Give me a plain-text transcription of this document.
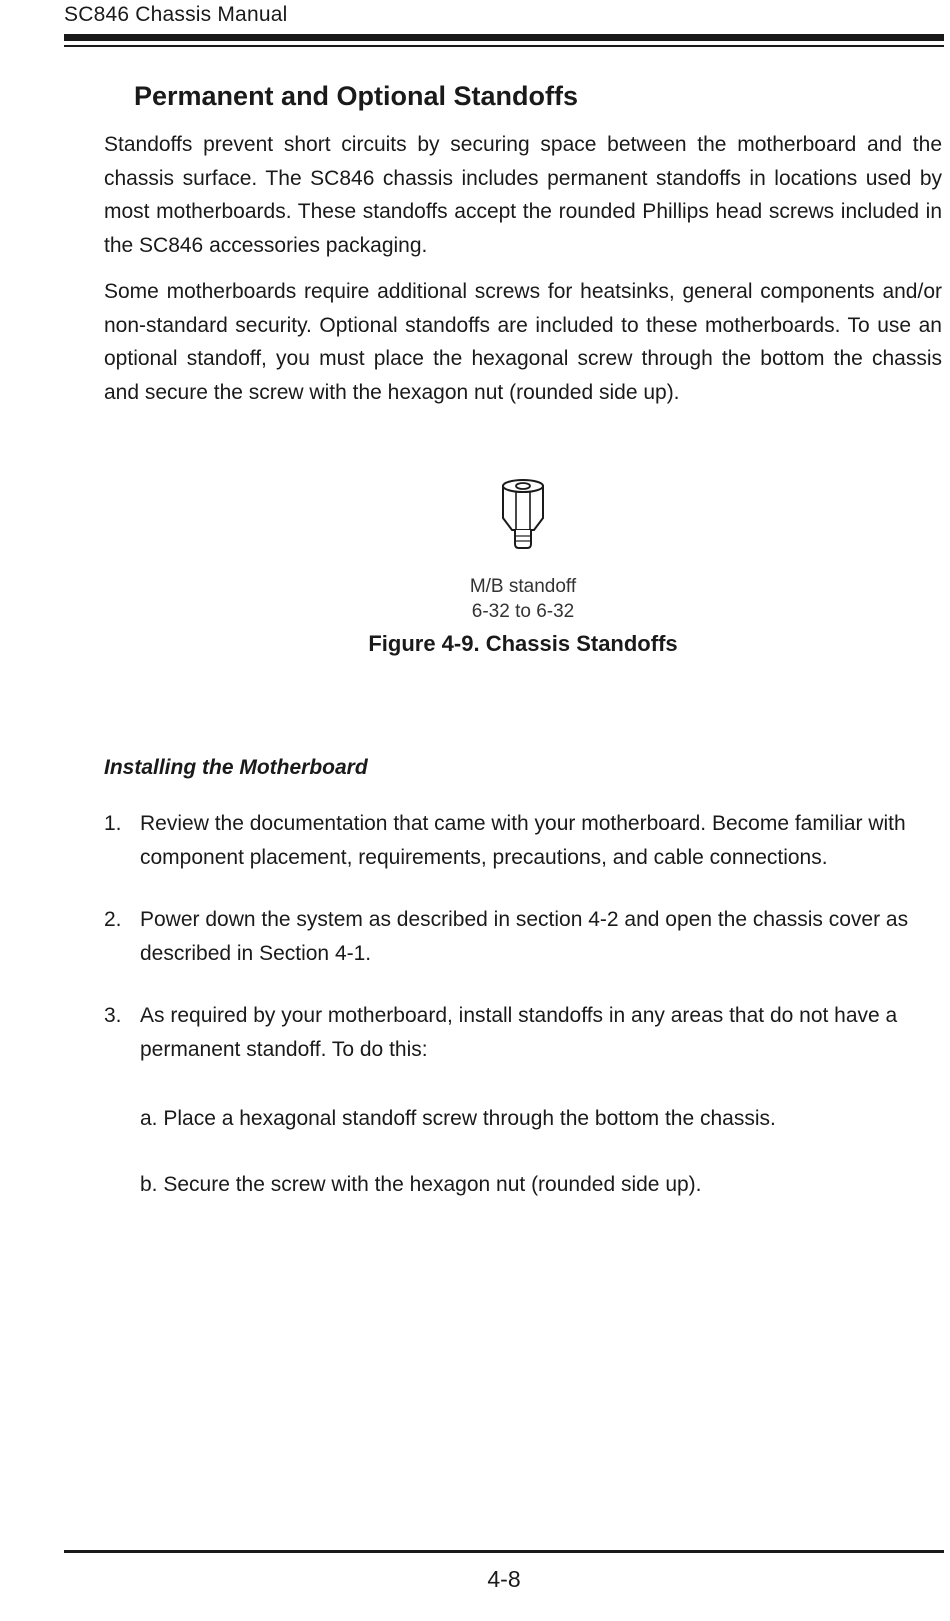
SC846 Chassis Manual
Permanent and Optional Standoffs

Standoffs prevent short circuits by securing space between the motherboard and the chassis surface. The SC846 chassis includes permanent standoffs in locations used by most motherboards. These standoffs accept the rounded Phillips head screws included in the SC846 accessories packaging.

Some motherboards require additional screws for heatsinks, general components and/or non-standard security. Optional standoffs are included to these motherboards. To use an optional standoff, you must place the hexagonal screw through the bottom the chassis and secure the screw with the hexagon nut (rounded side up).

M/B standoff
6-32 to 6-32
Figure 4-9. Chassis Standoffs
Installing the Motherboard
1. Review the documentation that came with your motherboard. Become familiar with component placement, requirements, precautions, and cable connections.
2. Power down the system as described in section 4-2 and open the chassis cover as described in Section 4-1.
3. As required by your motherboard, install standoffs in any areas that do not have a permanent standoff. To do this:
a. Place a hexagonal standoff screw through the bottom the chassis.
b. Secure the screw with the hexagon nut (rounded side up).
4-8
